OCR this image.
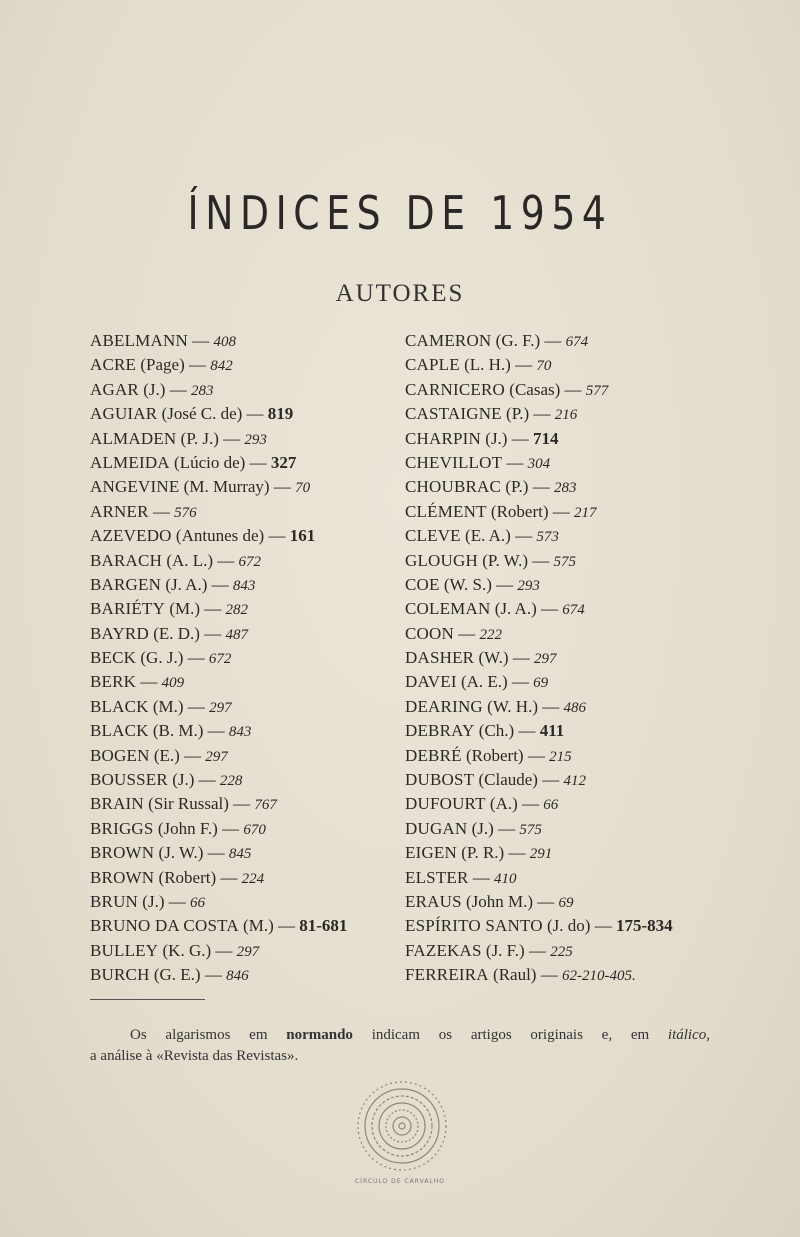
ÍNDICES DE 1954
AUTORES
ABELMANN — 408
ACRE (Page) — 842
AGAR (J.) — 283
AGUIAR (José C. de) — 819
ALMADEN (P. J.) — 293
ALMEIDA (Lúcio de) — 327
ANGEVINE (M. Murray) — 70
ARNER — 576
AZEVEDO (Antunes de) — 161
BARACH (A. L.) — 672
BARGEN (J. A.) — 843
BARIÉTY (M.) — 282
BAYRD (E. D.) — 487
BECK (G. J.) — 672
BERK — 409
BLACK (M.) — 297
BLACK (B. M.) — 843
BOGEN (E.) — 297
BOUSSER (J.) — 228
BRAIN (Sir Russal) — 767
BRIGGS (John F.) — 670
BROWN (J. W.) — 845
BROWN (Robert) — 224
BRUN (J.) — 66
BRUNO DA COSTA (M.) — 81-681
BULLEY (K. G.) — 297
BURCH (G. E.) — 846
CAMERON (G. F.) — 674
CAPLE (L. H.) — 70
CARNICERO (Casas) — 577
CASTAIGNE (P.) — 216
CHARPIN (J.) — 714
CHEVILLOT — 304
CHOUBRAC (P.) — 283
CLÉMENT (Robert) — 217
CLEVE (E. A.) — 573
GLOUGH (P. W.) — 575
COE (W. S.) — 293
COLEMAN (J. A.) — 674
COON — 222
DASHER (W.) — 297
DAVEI (A. E.) — 69
DEARING (W. H.) — 486
DEBRAY (Ch.) — 411
DEBRÉ (Robert) — 215
DUBOST (Claude) — 412
DUFOURT (A.) — 66
DUGAN (J.) — 575
EIGEN (P. R.) — 291
ELSTER — 410
ERAUS (John M.) — 69
ESPÍRITO SANTO (J. do) — 175-834
FAZEKAS (J. F.) — 225
FERREIRA (Raul) — 62-210-405.
Os algarismos em normando indicam os artigos originais e, em itálico,
a análise à «Revista das Revistas».
CÍRCULO DE CARVALHO
